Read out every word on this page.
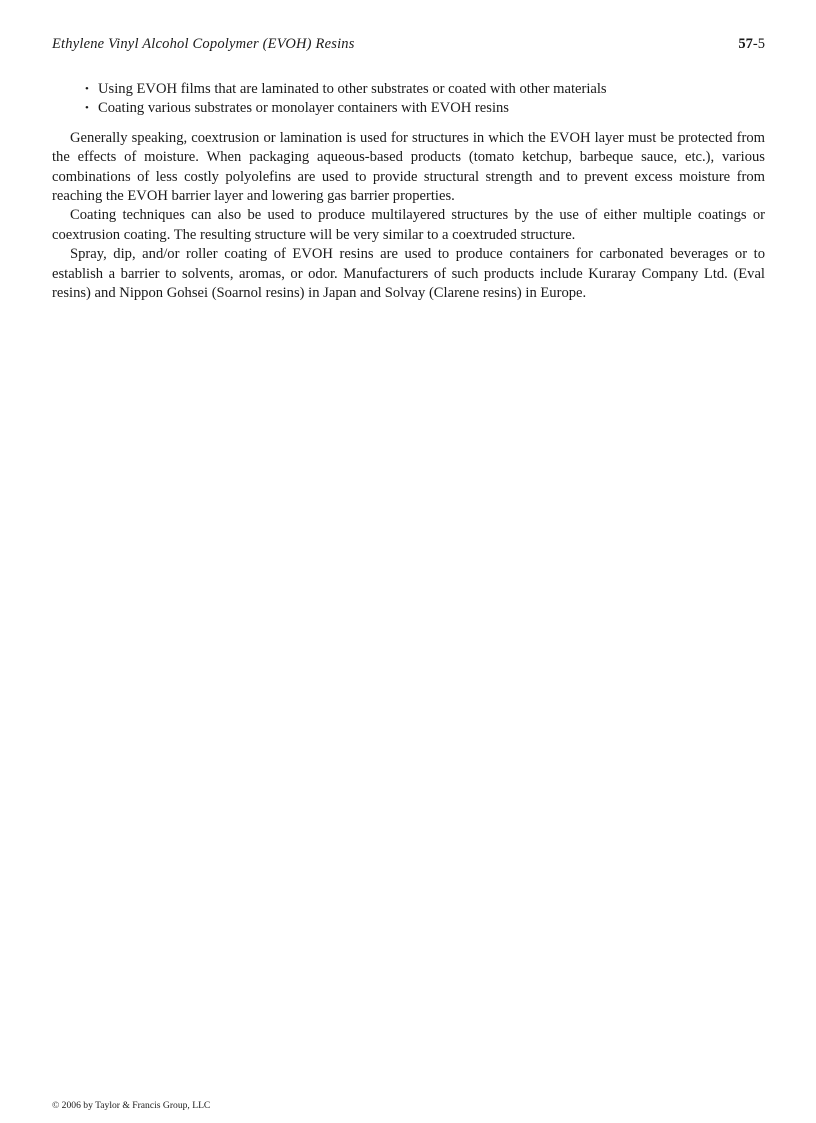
Ethylene Vinyl Alcohol Copolymer (EVOH) Resins	57-5
• Using EVOH films that are laminated to other substrates or coated with other materials
• Coating various substrates or monolayer containers with EVOH resins

Generally speaking, coextrusion or lamination is used for structures in which the EVOH layer must be protected from the effects of moisture. When packaging aqueous-based products (tomato ketchup, barbeque sauce, etc.), various combinations of less costly polyolefins are used to provide structural strength and to prevent excess moisture from reaching the EVOH barrier layer and lowering gas barrier properties.

Coating techniques can also be used to produce multilayered structures by the use of either multiple coatings or coextrusion coating. The resulting structure will be very similar to a coextruded structure.

Spray, dip, and/or roller coating of EVOH resins are used to produce containers for carbonated beverages or to establish a barrier to solvents, aromas, or odor. Manufacturers of such products include Kuraray Company Ltd. (Eval resins) and Nippon Gohsei (Soarnol resins) in Japan and Solvay (Clarene resins) in Europe.

© 2006 by Taylor & Francis Group, LLC
